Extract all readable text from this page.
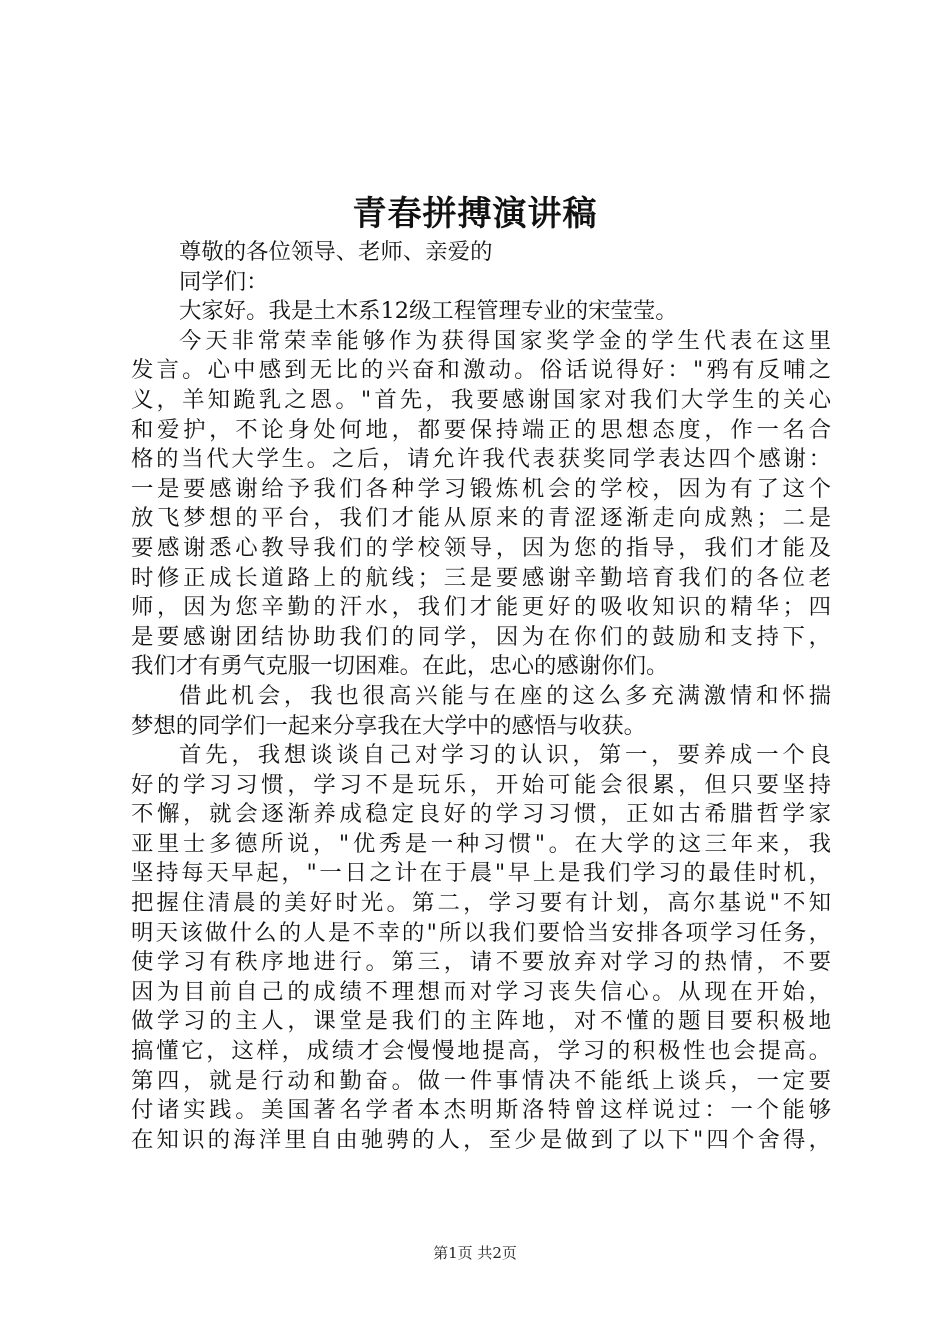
青春拼搏演讲稿
尊敬的各位领导、老师、亲爱的
同学们：
大家好。我是土木系12级工程管理专业的宋莹莹。
今天非常荣幸能够作为获得国家奖学金的学生代表在这里
发言。心中感到无比的兴奋和激动。俗话说得好："鸦有反哺之
义，羊知跪乳之恩。"首先，我要感谢国家对我们大学生的关心
和爱护，不论身处何地，都要保持端正的思想态度，作一名合
格的当代大学生。之后，请允许我代表获奖同学表达四个感谢：
一是要感谢给予我们各种学习锻炼机会的学校，因为有了这个
放飞梦想的平台，我们才能从原来的青涩逐渐走向成熟；二是
要感谢悉心教导我们的学校领导，因为您的指导，我们才能及
时修正成长道路上的航线；三是要感谢辛勤培育我们的各位老
师，因为您辛勤的汗水，我们才能更好的吸收知识的精华；四
是要感谢团结协助我们的同学，因为在你们的鼓励和支持下，
我们才有勇气克服一切困难。在此，忠心的感谢你们。
借此机会，我也很高兴能与在座的这么多充满激情和怀揣
梦想的同学们一起来分享我在大学中的感悟与收获。
首先，我想谈谈自己对学习的认识，第一，要养成一个良
好的学习习惯，学习不是玩乐，开始可能会很累，但只要坚持
不懈，就会逐渐养成稳定良好的学习习惯，正如古希腊哲学家
亚里士多德所说，"优秀是一种习惯"。在大学的这三年来，我
坚持每天早起，"一日之计在于晨"早上是我们学习的最佳时机，
把握住清晨的美好时光。第二，学习要有计划，高尔基说"不知
明天该做什么的人是不幸的"所以我们要恰当安排各项学习任务，
使学习有秩序地进行。第三，请不要放弃对学习的热情，不要
因为目前自己的成绩不理想而对学习丧失信心。从现在开始，
做学习的主人，课堂是我们的主阵地，对不懂的题目要积极地
搞懂它，这样，成绩才会慢慢地提高，学习的积极性也会提高。
第四，就是行动和勤奋。做一件事情决不能纸上谈兵，一定要
付诸实践。美国著名学者本杰明斯洛特曾这样说过：一个能够
在知识的海洋里自由驰骋的人，至少是做到了以下"四个舍得，
第1页 共2页
